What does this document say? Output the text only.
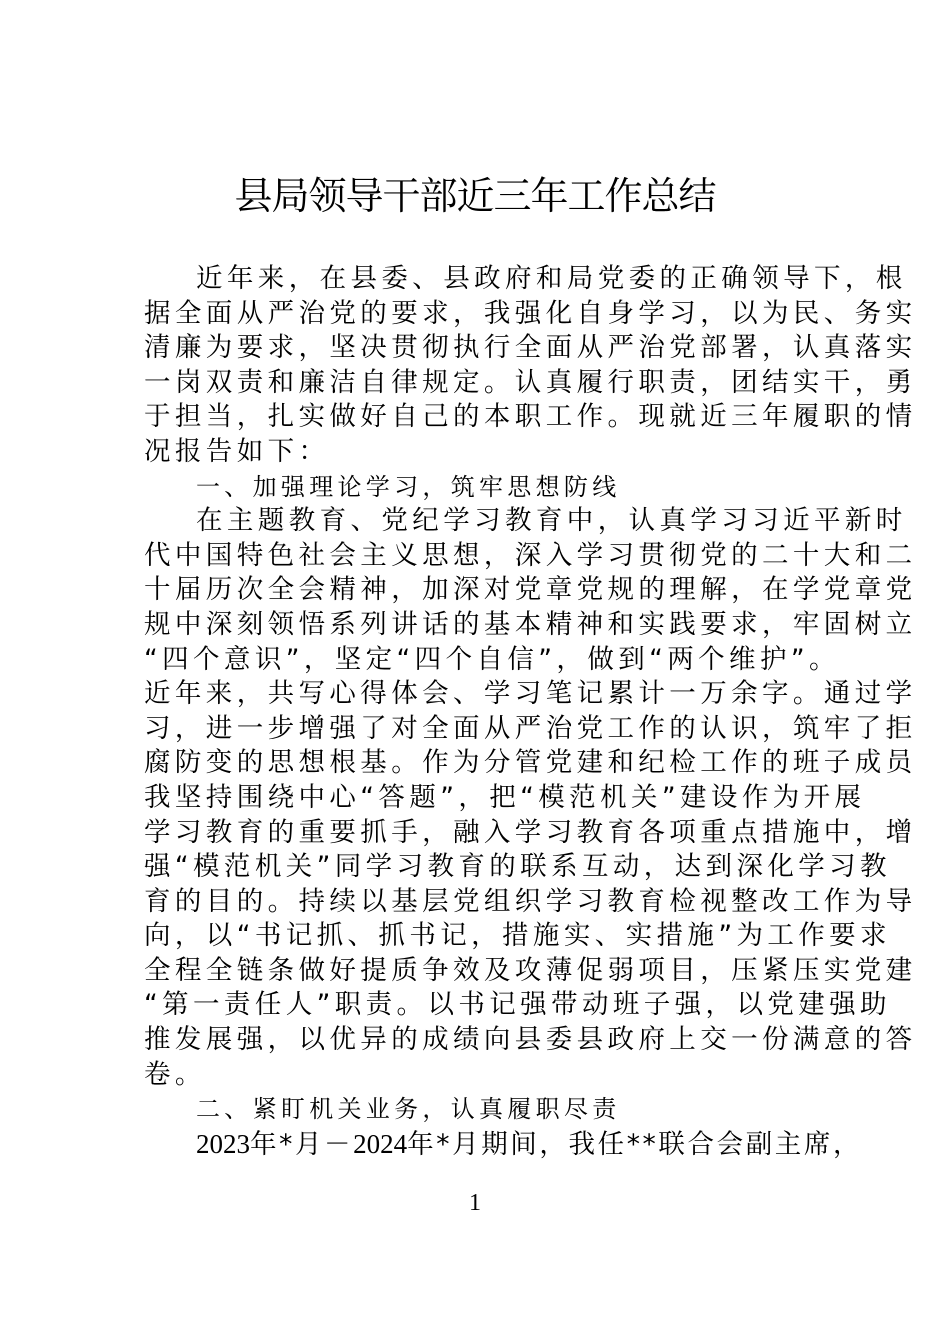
县局领导干部近三年工作总结
近年来，在县委、县政府和局党委的正确领导下，根
据全面从严治党的要求，我强化自身学习，以为民、务实
清廉为要求，坚决贯彻执行全面从严治党部署，认真落实
一岗双责和廉洁自律规定。认真履行职责，团结实干，勇
于担当，扎实做好自己的本职工作。现就近三年履职的情
况报告如下：
一、加强理论学习，筑牢思想防线
在主题教育、党纪学习教育中，认真学习习近平新时
代中国特色社会主义思想，深入学习贯彻党的二十大和二
十届历次全会精神，加深对党章党规的理解，在学党章党
规中深刻领悟系列讲话的基本精神和实践要求，牢固树立
“四个意识”，坚定“四个自信”，做到“两个维护”。
近年来，共写心得体会、学习笔记累计一万余字。通过学
习，进一步增强了对全面从严治党工作的认识，筑牢了拒
腐防变的思想根基。作为分管党建和纪检工作的班子成员
我坚持围绕中心“答题”，把“模范机关”建设作为开展
学习教育的重要抓手，融入学习教育各项重点措施中，增
强“模范机关”同学习教育的联系互动，达到深化学习教
育的目的。持续以基层党组织学习教育检视整改工作为导
向，以“书记抓、抓书记，措施实、实措施”为工作要求
全程全链条做好提质争效及攻薄促弱项目，压紧压实党建
“第一责任人”职责。以书记强带动班子强，以党建强助
推发展强，以优异的成绩向县委县政府上交一份满意的答
卷。
二、紧盯机关业务，认真履职尽责
2023年*月－2024年*月期间，我任**联合会副主席，
1
